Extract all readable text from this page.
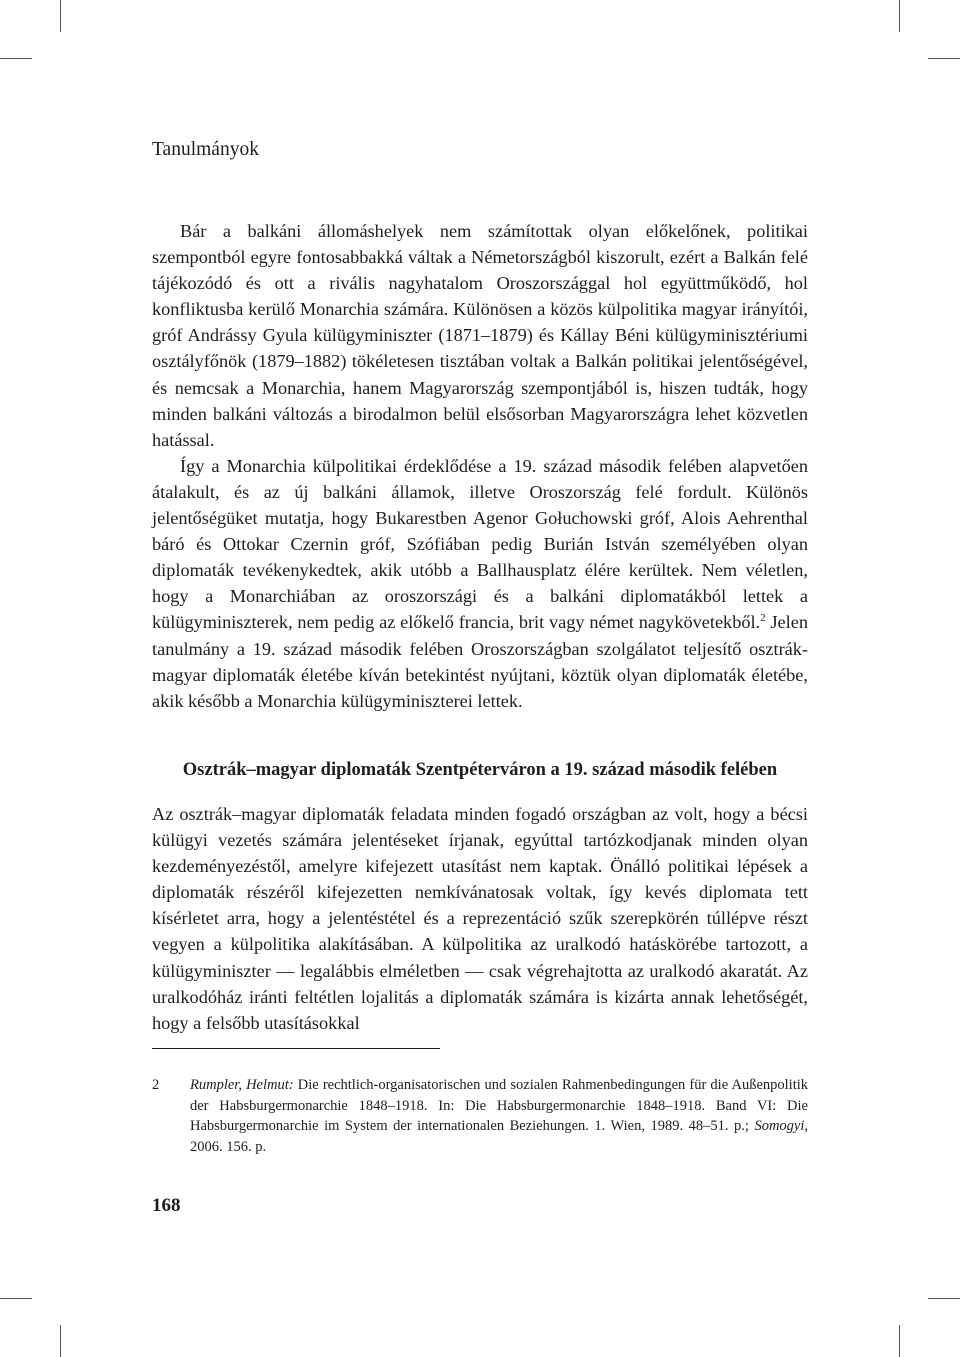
Tanulmányok

Bár a balkáni állomáshelyek nem számítottak olyan előkelőnek, politikai szempontból egyre fontosabbakká váltak a Németországból kiszorult, ezért a Balkán felé tájékozódó és ott a rivális nagyhatalom Oroszországgal hol együttműködő, hol konfliktusba kerülő Monarchia számára. Különösen a közös külpolitika magyar irányítói, gróf Andrássy Gyula külügyminiszter (1871–1879) és Kállay Béni külügyminisztériumi osztályfőnök (1879–1882) tökéletesen tisztában voltak a Balkán politikai jelentőségével, és nemcsak a Monarchia, hanem Magyarország szempontjából is, hiszen tudták, hogy minden balkáni változás a birodalmon belül elsősorban Magyarországra lehet közvetlen hatással.

Így a Monarchia külpolitikai érdeklődése a 19. század második felében alapvetően átalakult, és az új balkáni államok, illetve Oroszország felé fordult. Különös jelentőségüket mutatja, hogy Bukarestben Agenor Gołuchowski gróf, Alois Aehrenthal báró és Ottokar Czernin gróf, Szófiában pedig Burián István személyében olyan diplomaták tevékenykedtek, akik utóbb a Ballhausplatz élére kerültek. Nem véletlen, hogy a Monarchiában az oroszországi és a balkáni diplomatákból lettek a külügyminiszterek, nem pedig az előkelő francia, brit vagy német nagykövetekből.$^2$ Jelen tanulmány a 19. század második felében Oroszországban szolgálatot teljesítő osztrák-magyar diplomaták életébe kíván betekintést nyújtani, köztük olyan diplomaták életébe, akik később a Monarchia külügyminiszterei lettek.

Osztrák–magyar diplomaták Szentpéterváron a 19. század második felében

Az osztrák–magyar diplomaták feladata minden fogadó országban az volt, hogy a bécsi külügyi vezetés számára jelentéseket írjanak, egyúttal tartózkodjanak minden olyan kezdeményezéstől, amelyre kifejezett utasítást nem kaptak. Önálló politikai lépések a diplomaták részéről kifejezetten nemkívánatosak voltak, így kevés diplomata tett kísérletet arra, hogy a jelentéstétel és a reprezentáció szűk szerepkörén túllépve részt vegyen a külpolitika alakításában. A külpolitika az uralkodó hatáskörébe tartozott, a külügyminiszter — legalábbis elméletben — csak végrehajtotta az uralkodó akaratát. Az uralkodóház iránti feltétlen lojalitás a diplomaták számára is kizárta annak lehetőségét, hogy a felsőbb utasításokkal

2 Rumpler, Helmut: Die rechtlich-organisatorischen und sozialen Rahmenbedingungen für die Außenpolitik der Habsburgermonarchie 1848–1918. In: Die Habsburgermonarchie 1848–1918. Band VI: Die Habsburgermonarchie im System der internationalen Beziehungen. 1. Wien, 1989. 48–51. p.; Somogyi, 2006. 156. p.
168
